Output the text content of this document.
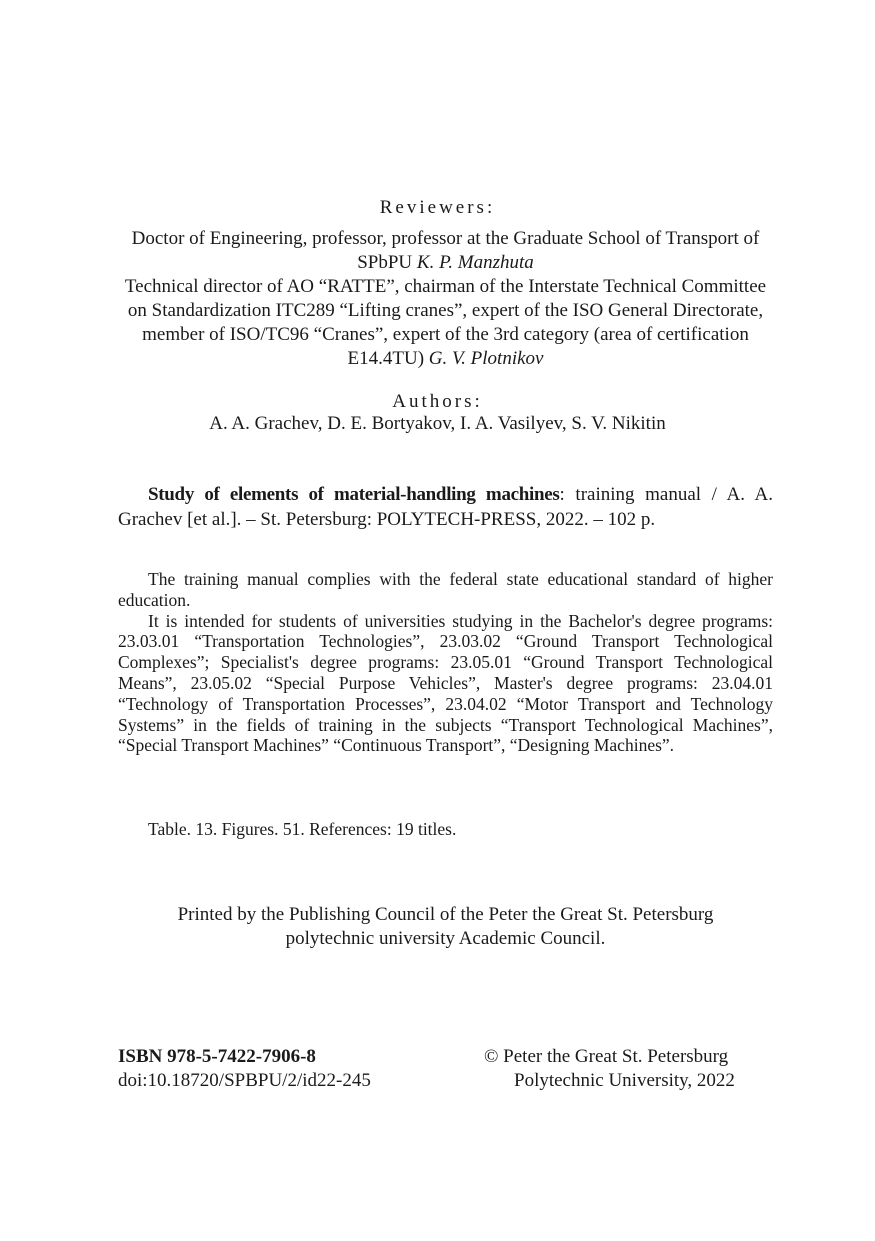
Reviewers:

Doctor of Engineering, professor, professor at the Graduate School of Transport of SPbPU K. P. Manzhuta

Technical director of AO “RATTE”, chairman of the Interstate Technical Committee on Standardization ITC289 “Lifting cranes”, expert of the ISO General Directorate, member of ISO/TC96 “Cranes”, expert of the 3rd category (area of certification E14.4TU) G. V. Plotnikov

Authors:
A. A. Grachev, D. E. Bortyakov, I. A. Vasilyev, S. V. Nikitin

Study of elements of material-handling machines: training manual / A. A. Grachev [et al.]. – St. Petersburg: POLYTECH-PRESS, 2022. – 102 p.

The training manual complies with the federal state educational standard of higher education.

It is intended for students of universities studying in the Bachelor's degree programs: 23.03.01 “Transportation Technologies”, 23.03.02 “Ground Transport Technological Complexes”; Specialist's degree programs: 23.05.01 “Ground Transport Technological Means”, 23.05.02 “Special Purpose Vehicles”, Master's degree programs: 23.04.01 “Technology of Transportation Processes”, 23.04.02 “Motor Transport and Technology Systems” in the fields of training in the subjects “Transport Technological Machines”, “Special Transport Machines” “Continuous Transport”, “Designing Machines”.

Table. 13. Figures. 51. References: 19 titles.
Printed by the Publishing Council of the Peter the Great St. Petersburg
polytechnic university Academic Council.
ISBN 978-5-7422-7906-8
doi:10.18720/SPBPU/2/id22-245
© Peter the Great St. Petersburg
Polytechnic University, 2022
